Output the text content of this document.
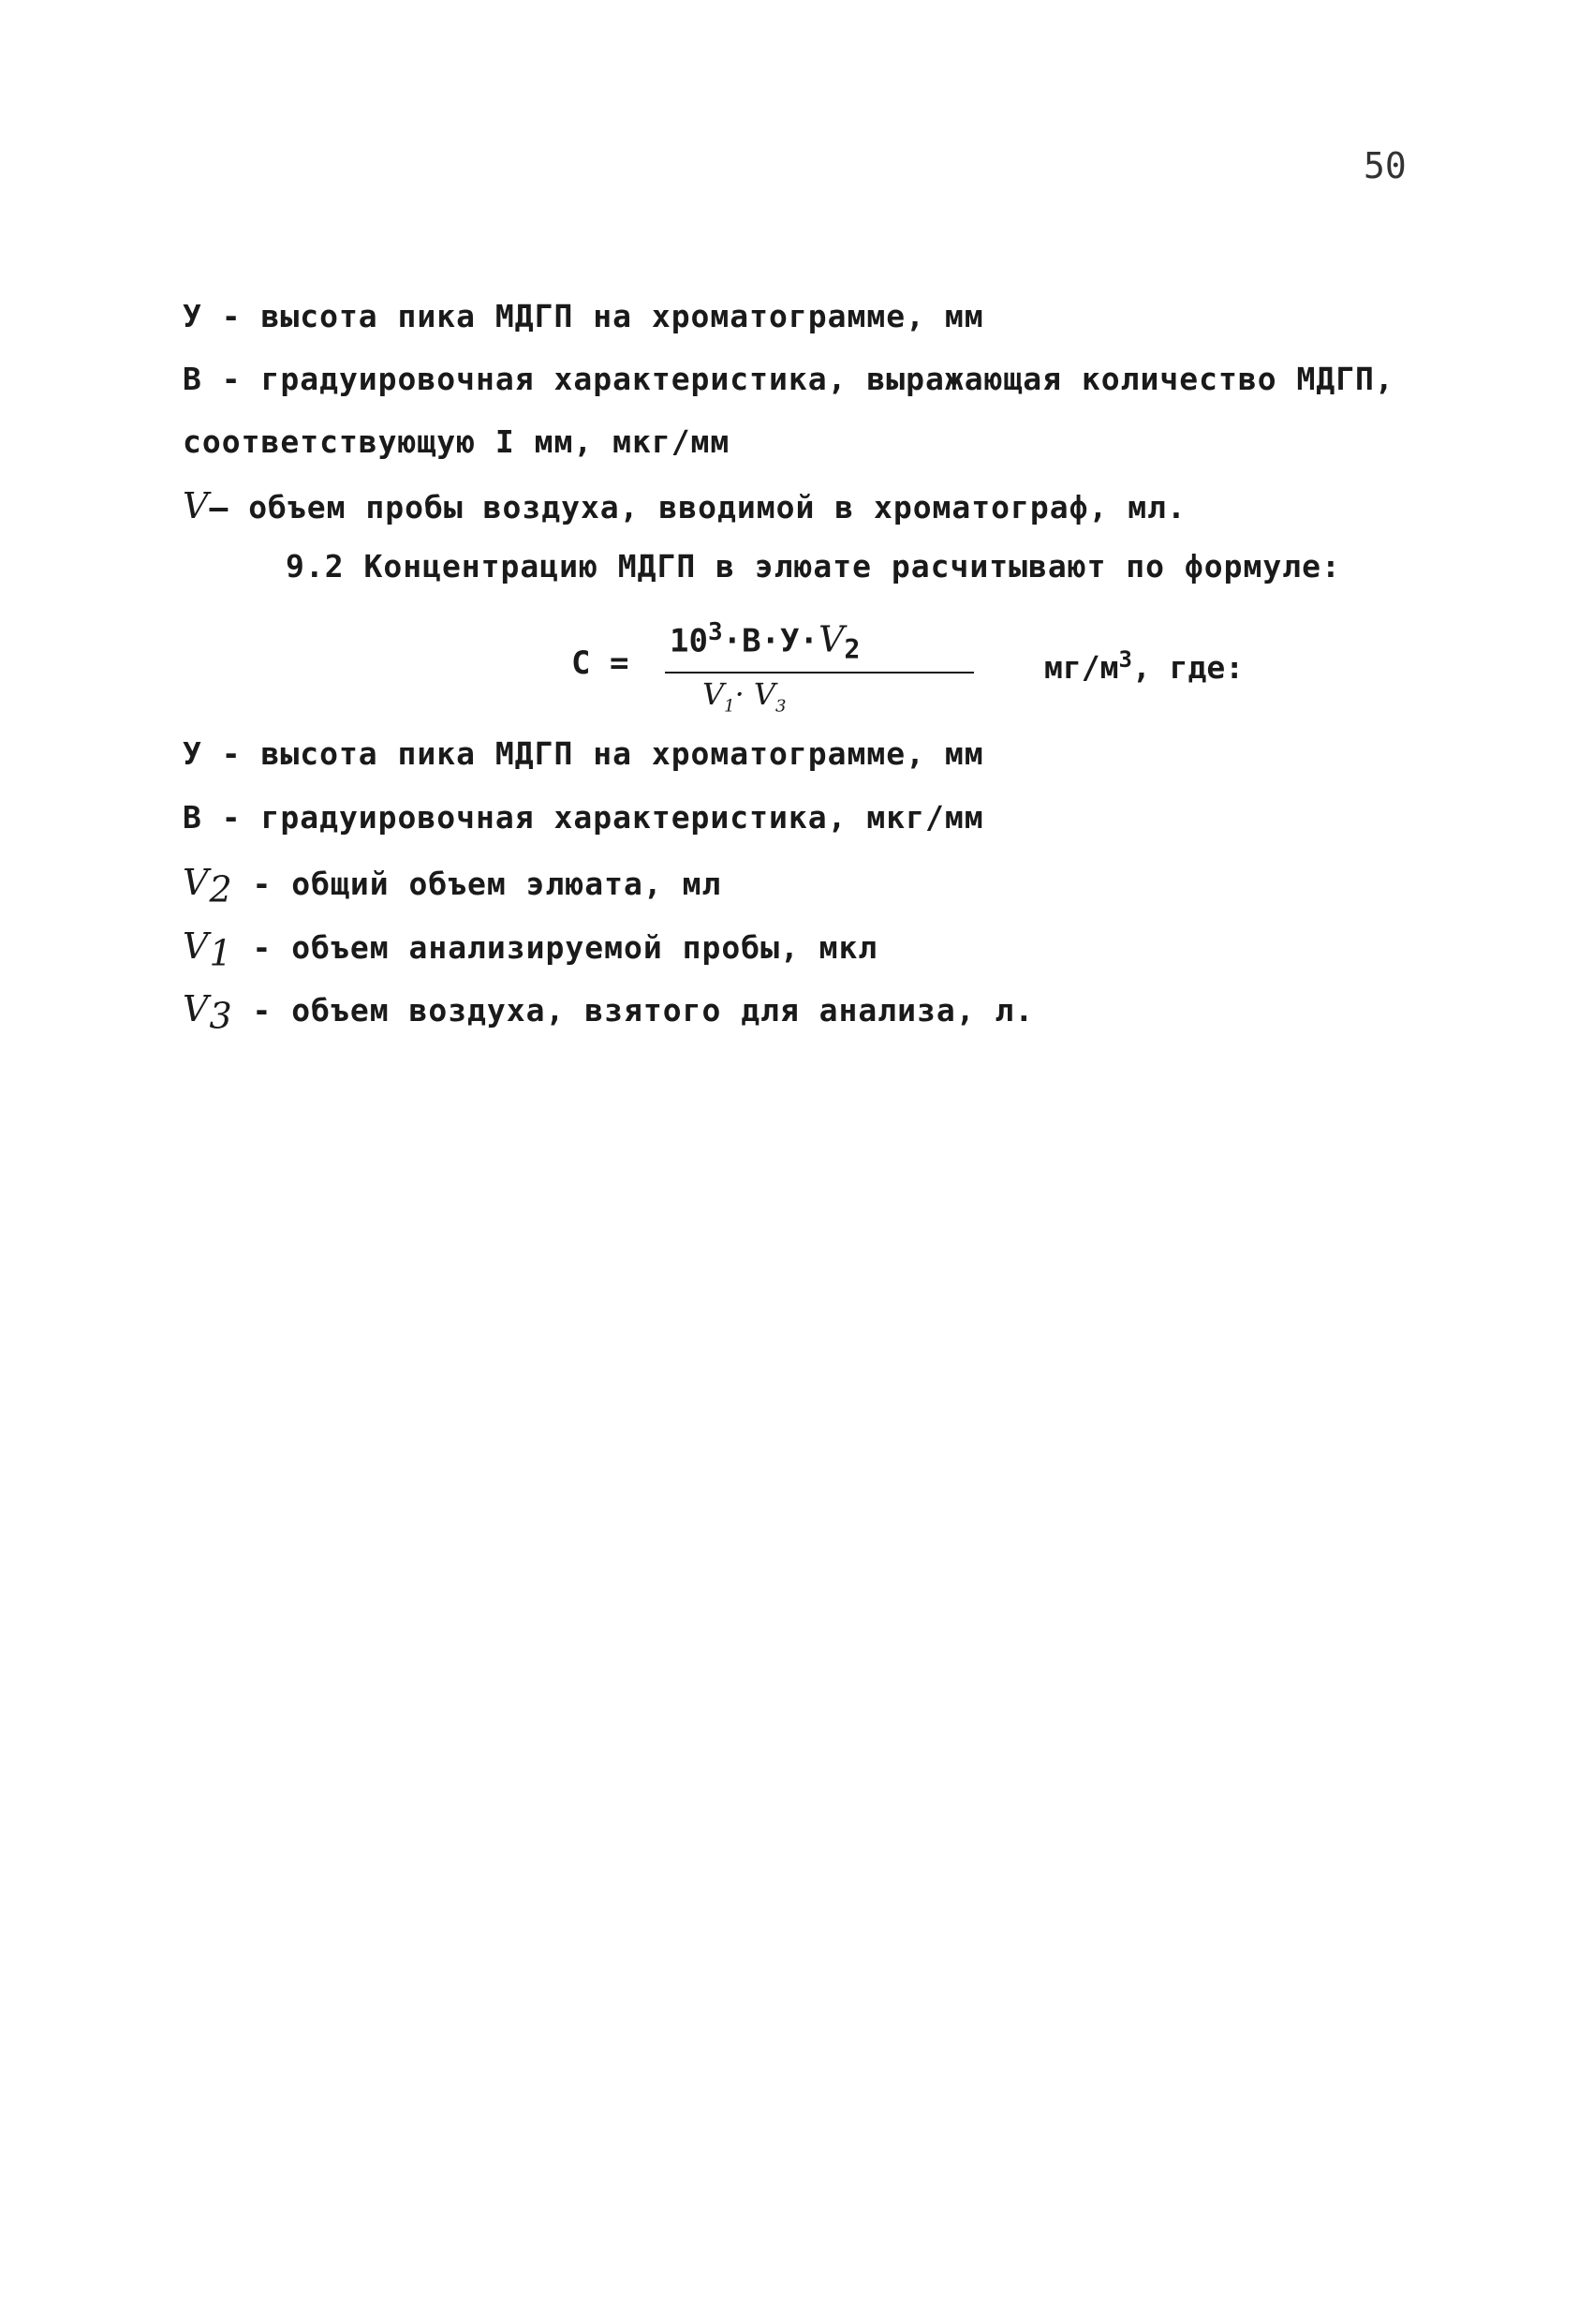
50
У - высота пика МДГП на хроматограмме, мм
В - градуировочная характеристика, выражающая количество МДГП,
соответствующую I мм, мкг/мм
V– объем пробы воздуха, вводимой в хроматограф, мл.
9.2 Концентрацию МДГП в элюате расчитывают по формуле:
С =
$10^3\cdot В\cdot У\cdot V_2$
$V_1\cdot V_3$
$мг/м^3$, где:
У - высота пика МДГП на хроматограмме, мм
В - градуировочная характеристика, мкг/мм
$V_2$ - общий объем элюата, мл
$V_1$ - объем анализируемой пробы, мкл
$V_3$ - объем воздуха, взятого для анализа, л.
